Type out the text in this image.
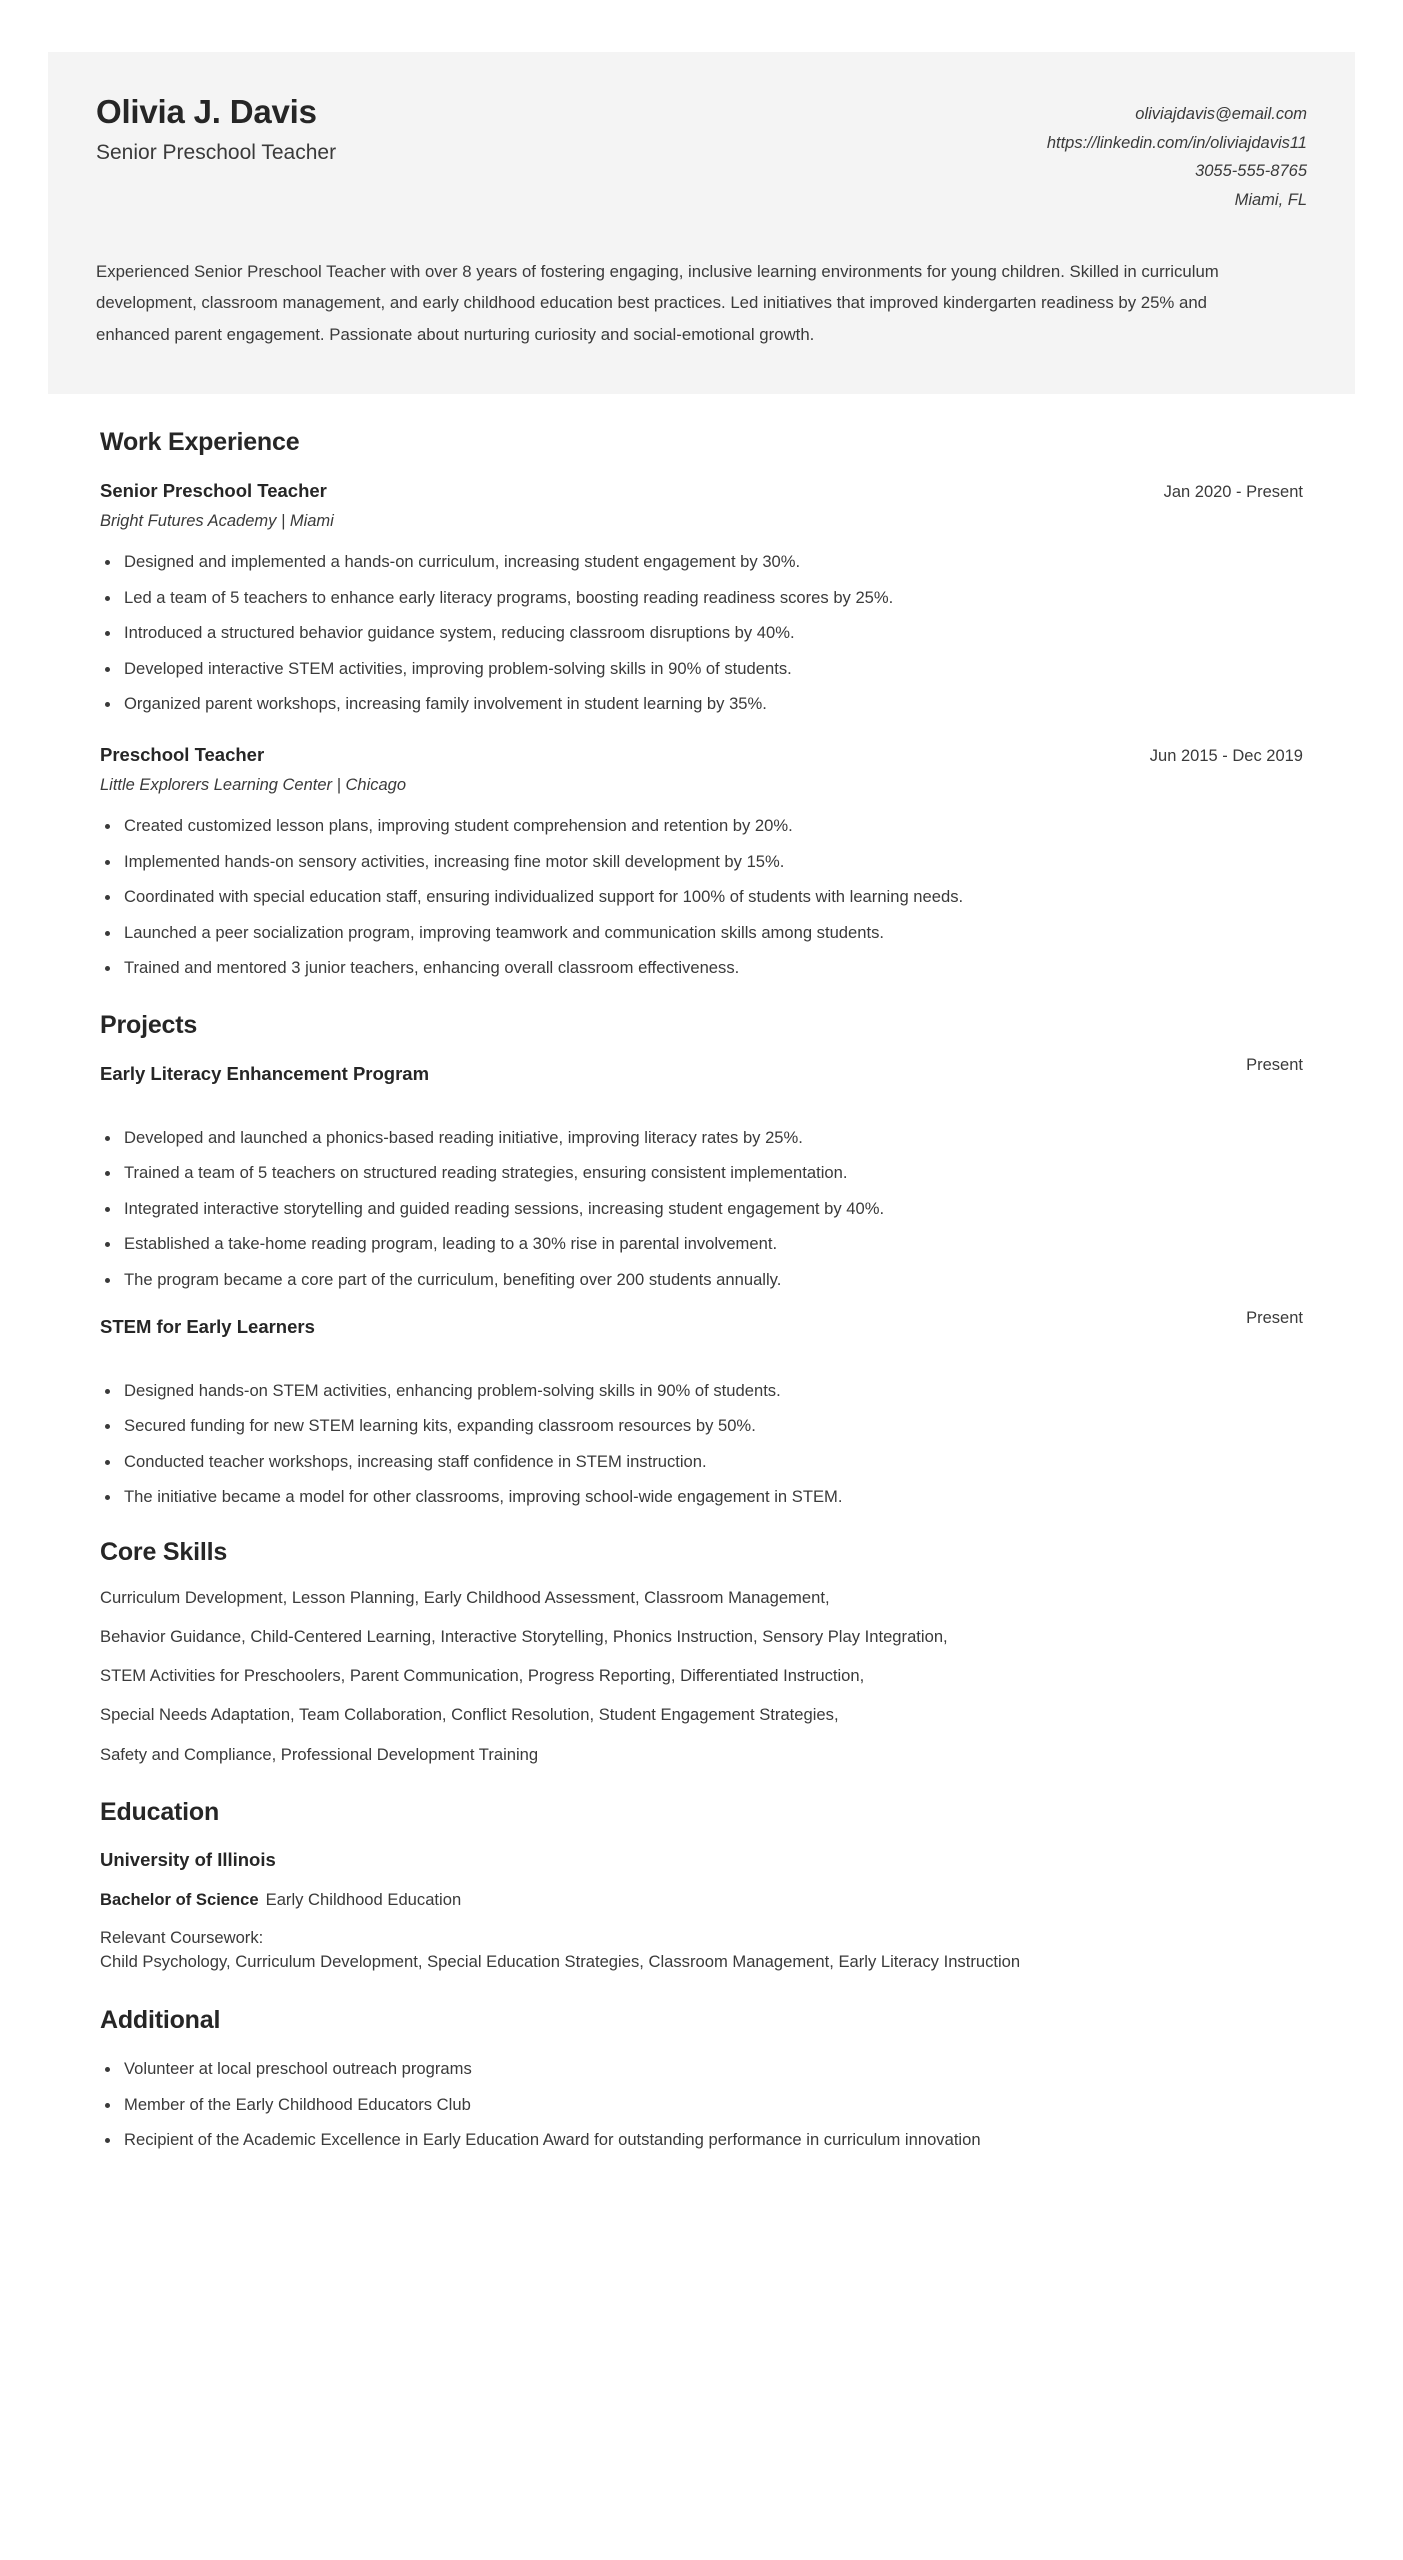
Olivia J. Davis
Senior Preschool Teacher
oliviajdavis@email.com
https://linkedin.com/in/oliviajdavis11
3055-555-8765
Miami, FL
Experienced Senior Preschool Teacher with over 8 years of fostering engaging, inclusive learning environments for young children. Skilled in curriculum development, classroom management, and early childhood education best practices. Led initiatives that improved kindergarten readiness by 25% and enhanced parent engagement. Passionate about nurturing curiosity and social-emotional growth.
Work Experience
Senior Preschool Teacher	Jan 2020 - Present
Bright Futures Academy | Miami
Designed and implemented a hands-on curriculum, increasing student engagement by 30%.
Led a team of 5 teachers to enhance early literacy programs, boosting reading readiness scores by 25%.
Introduced a structured behavior guidance system, reducing classroom disruptions by 40%.
Developed interactive STEM activities, improving problem-solving skills in 90% of students.
Organized parent workshops, increasing family involvement in student learning by 35%.
Preschool Teacher	Jun 2015 - Dec 2019
Little Explorers Learning Center | Chicago
Created customized lesson plans, improving student comprehension and retention by 20%.
Implemented hands-on sensory activities, increasing fine motor skill development by 15%.
Coordinated with special education staff, ensuring individualized support for 100% of students with learning needs.
Launched a peer socialization program, improving teamwork and communication skills among students.
Trained and mentored 3 junior teachers, enhancing overall classroom effectiveness.
Projects
Early Literacy Enhancement Program	Present
Developed and launched a phonics-based reading initiative, improving literacy rates by 25%.
Trained a team of 5 teachers on structured reading strategies, ensuring consistent implementation.
Integrated interactive storytelling and guided reading sessions, increasing student engagement by 40%.
Established a take-home reading program, leading to a 30% rise in parental involvement.
The program became a core part of the curriculum, benefiting over 200 students annually.
STEM for Early Learners	Present
Designed hands-on STEM activities, enhancing problem-solving skills in 90% of students.
Secured funding for new STEM learning kits, expanding classroom resources by 50%.
Conducted teacher workshops, increasing staff confidence in STEM instruction.
The initiative became a model for other classrooms, improving school-wide engagement in STEM.
Core Skills
Curriculum Development, Lesson Planning, Early Childhood Assessment, Classroom Management,
Behavior Guidance, Child-Centered Learning, Interactive Storytelling, Phonics Instruction, Sensory Play Integration,
STEM Activities for Preschoolers, Parent Communication, Progress Reporting, Differentiated Instruction,
Special Needs Adaptation, Team Collaboration, Conflict Resolution, Student Engagement Strategies,
Safety and Compliance, Professional Development Training
Education
University of Illinois
Bachelor of Science Early Childhood Education
Relevant Coursework:
Child Psychology, Curriculum Development, Special Education Strategies, Classroom Management, Early Literacy Instruction
Additional
Volunteer at local preschool outreach programs
Member of the Early Childhood Educators Club
Recipient of the Academic Excellence in Early Education Award for outstanding performance in curriculum innovation
